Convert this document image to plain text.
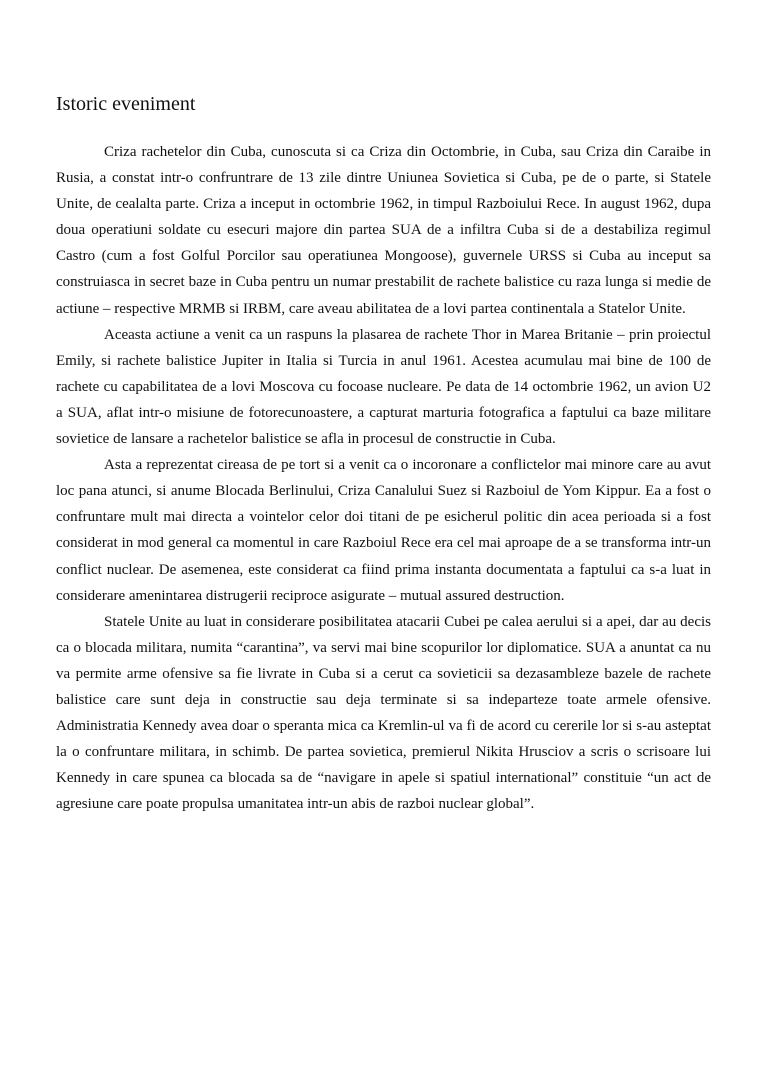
Istoric eveniment

Criza rachetelor din Cuba, cunoscuta si ca Criza din Octombrie, in Cuba, sau Criza din Caraibe in Rusia, a constat intr-o confruntrare de 13 zile dintre Uniunea Sovietica si Cuba, pe de o parte, si Statele Unite, de cealalta parte. Criza a inceput in octombrie 1962, in timpul Razboiului Rece. In august 1962, dupa doua operatiuni soldate cu esecuri majore din partea SUA de a infiltra Cuba si de a destabiliza regimul Castro (cum a fost Golful Porcilor sau operatiunea Mongoose), guvernele URSS si Cuba au inceput sa construiasca in secret baze in Cuba pentru un numar prestabilit de rachete balistice cu raza lunga si medie de actiune – respective MRMB si IRBM, care aveau abilitatea de a lovi partea continentala a Statelor Unite.

Aceasta actiune a venit ca un raspuns la plasarea de rachete Thor in Marea Britanie – prin proiectul Emily, si rachete balistice Jupiter in Italia si Turcia in anul 1961. Acestea acumulau mai bine de 100 de rachete cu capabilitatea de a lovi Moscova cu focoase nucleare. Pe data de 14 octombrie 1962, un avion U2 a SUA, aflat intr-o misiune de fotorecunoastere, a capturat marturia fotografica a faptului ca baze militare sovietice de lansare a rachetelor balistice se afla in procesul de constructie in Cuba.

Asta a reprezentat cireasa de pe tort si a venit ca o incoronare a conflictelor mai minore care au avut loc pana atunci, si anume Blocada Berlinului, Criza Canalului Suez si Razboiul de Yom Kippur. Ea a fost o confruntare mult mai directa a vointelor celor doi titani de pe esicherul politic din acea perioada si a fost considerat in mod general ca momentul in care Razboiul Rece era cel mai aproape de a se transforma intr-un conflict nuclear. De asemenea, este considerat ca fiind prima instanta documentata a faptului ca s-a luat in considerare amenintarea distrugerii reciproce asigurate – mutual assured destruction.

Statele Unite au luat in considerare posibilitatea atacarii Cubei pe calea aerului si a apei, dar au decis ca o blocada militara, numita “carantina”, va servi mai bine scopurilor lor diplomatice. SUA a anuntat ca nu va permite arme ofensive sa fie livrate in Cuba si a cerut ca sovieticii sa dezasambleze bazele de rachete balistice care sunt deja in constructie sau deja terminate si sa indeparteze toate armele ofensive. Administratia Kennedy avea doar o speranta mica ca Kremlin-ul va fi de acord cu cererile lor si s-au asteptat la o confruntare militara, in schimb. De partea sovietica, premierul Nikita Hrusciov a scris o scrisoare lui Kennedy in care spunea ca blocada sa de “navigare in apele si spatiul international” constituie “un act de agresiune care poate propulsa umanitatea intr-un abis de razboi nuclear global”.
